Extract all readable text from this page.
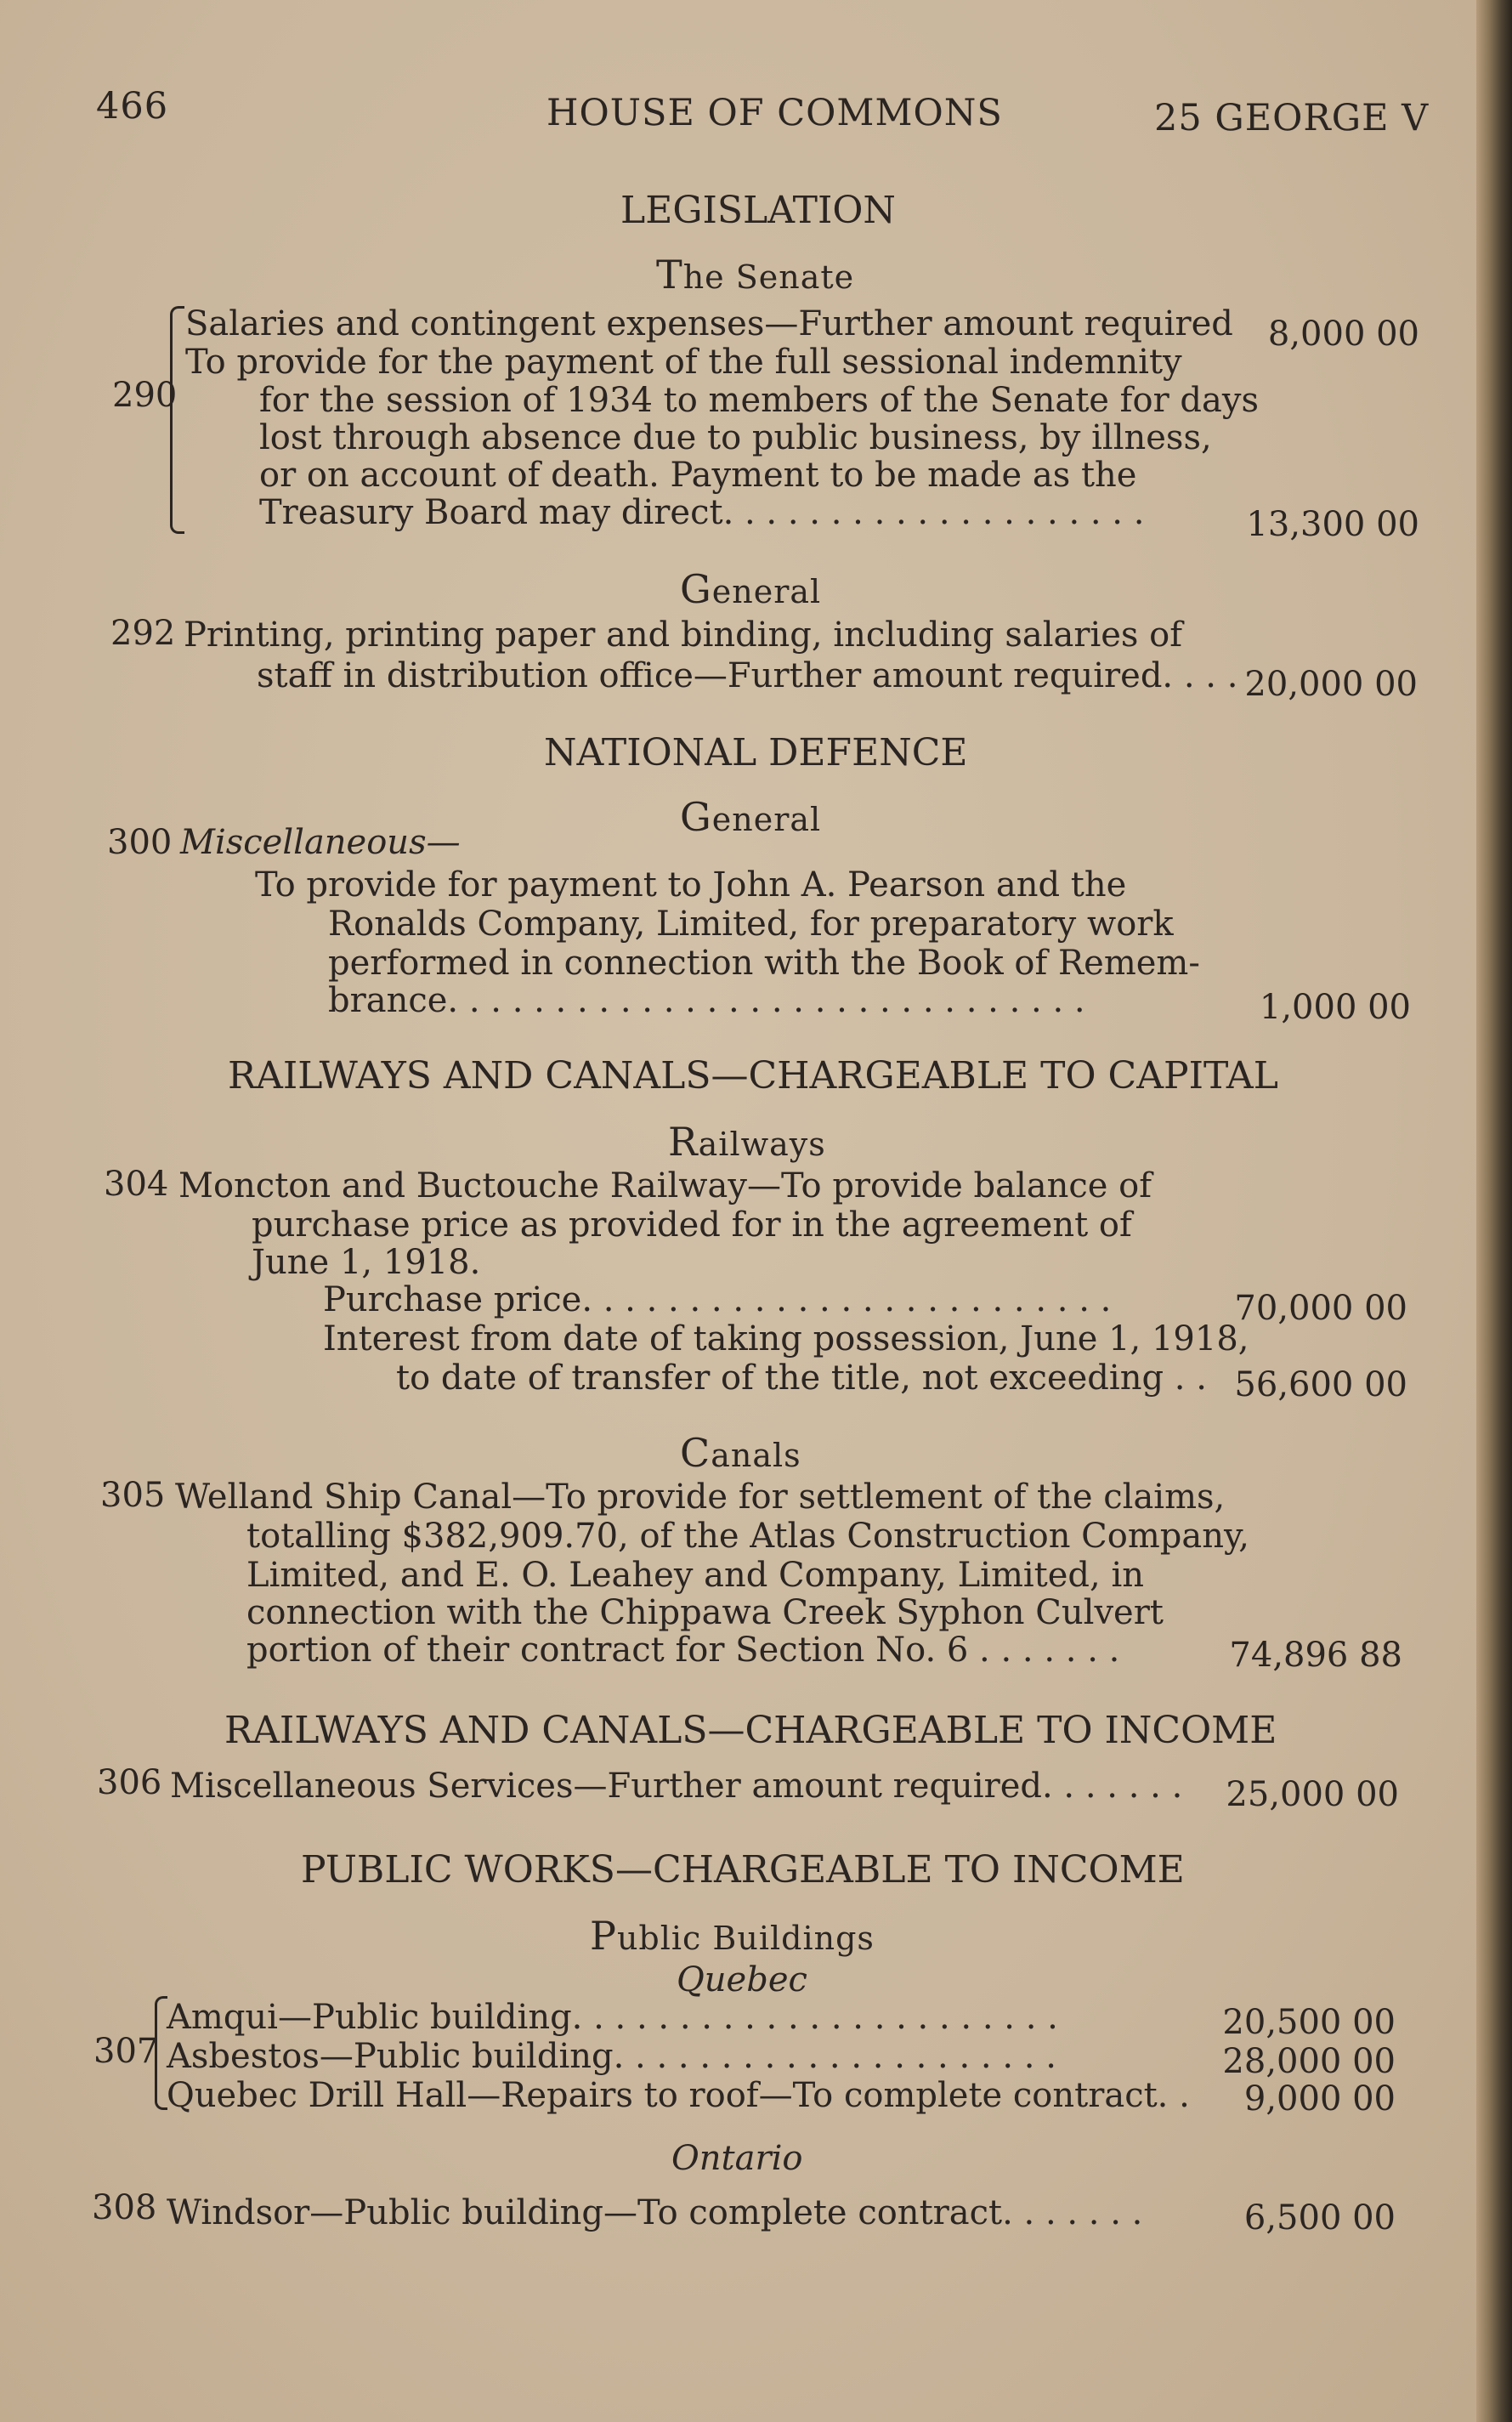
466	HOUSE OF COMMONS	25 GEORGE V
LEGISLATION
The Senate
290
Salaries and contingent expenses—Further amount required	8,000 00
To provide for the payment of the full sessional indemnity
for the session of 1934 to members of the Senate for days
lost through absence due to public business, by illness,
or on account of death. Payment to be made as the
Treasury Board may direct. . . . . . . . . . . . . . . . . . . .	13,300 00
General
292 Printing, printing paper and binding, including salaries of
staff in distribution office—Further amount required. . . . 20,000 00
NATIONAL DEFENCE
General
300 Miscellaneous—
To provide for payment to John A. Pearson and the
Ronalds Company, Limited, for preparatory work
performed in connection with the Book of Remem-
brance. . . . . . . . . . . . . . . . . . . . . . . . . . . . . .	1,000 00
RAILWAYS AND CANALS—CHARGEABLE TO CAPITAL
Railways
304 Moncton and Buctouche Railway—To provide balance of
purchase price as provided for in the agreement of
June 1, 1918.
Purchase price. . . . . . . . . . . . . . . . . . . . . . . . .	70,000 00
Interest from date of taking possession, June 1, 1918,
to date of transfer of the title, not exceeding . . 56,600 00
Canals
305 Welland Ship Canal—To provide for settlement of the claims,
totalling $382,909.70, of the Atlas Construction Company,
Limited, and E. O. Leahey and Company, Limited, in
connection with the Chippawa Creek Syphon Culvert
portion of their contract for Section No. 6 . . . . . . .	74,896 88
RAILWAYS AND CANALS—CHARGEABLE TO INCOME
306 Miscellaneous Services—Further amount required. . . . . . .	25,000 00
PUBLIC WORKS—CHARGEABLE TO INCOME
Public Buildings
Quebec
307
Amqui—Public building. . . . . . . . . . . . . . . . . . . . . . .	20,500 00
Asbestos—Public building. . . . . . . . . . . . . . . . . . . . .	28,000 00
Quebec Drill Hall—Repairs to roof—To complete contract. .	9,000 00
Ontario
308 Windsor—Public building—To complete contract. . . . . . .	6,500 00
